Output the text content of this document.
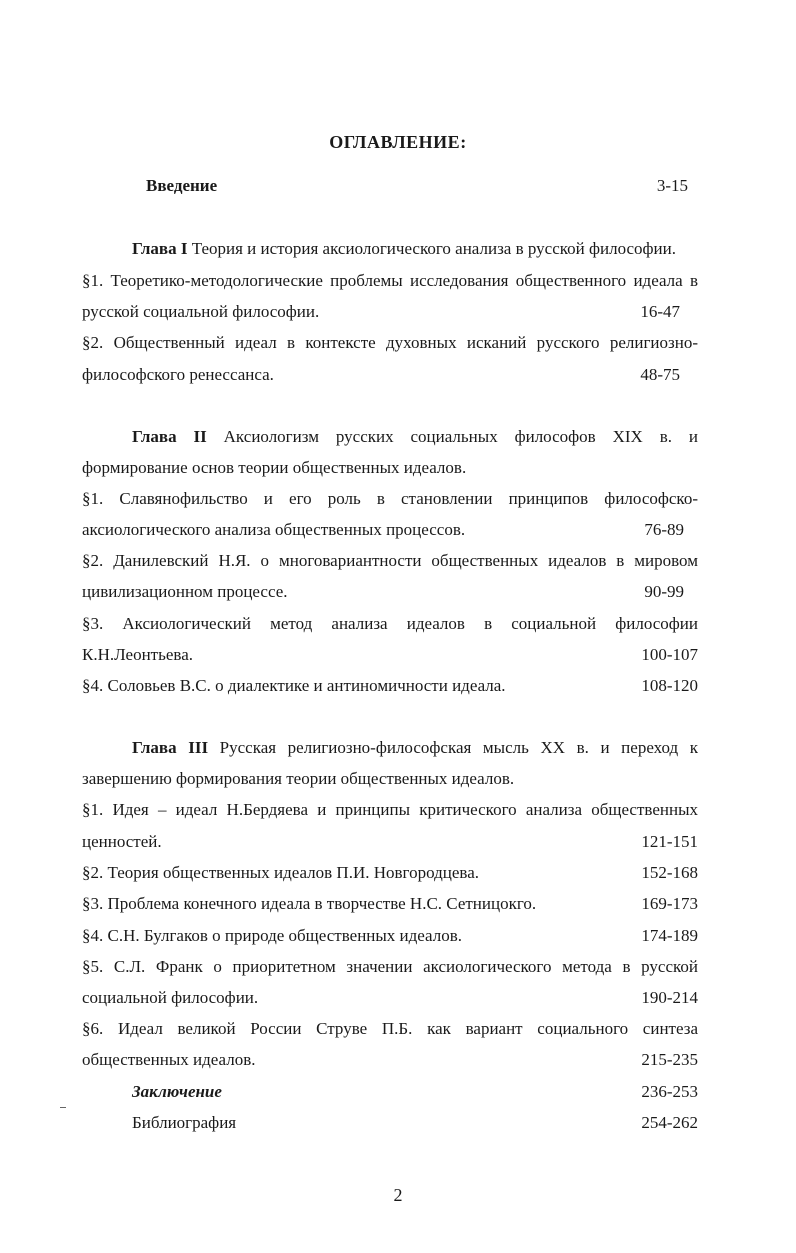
ОГЛАВЛЕНИЕ:
Введение	3-15
Глава I Теория и история аксиологического анализа в русской философии.
§1. Теоретико-методологические проблемы исследования общественного идеала в
русской социальной философии.	16-47
§2. Общественный идеал в контексте духовных исканий русского религиозно-
философского ренессанса.	48-75
Глава II Аксиологизм русских социальных философов XIX в. и
формирование основ теории общественных идеалов.
§1. Славянофильство и его роль в становлении принципов философско-
аксиологического анализа общественных процессов.	76-89
§2. Данилевский Н.Я. о многовариантности общественных идеалов в мировом
цивилизационном процессе.	90-99
§3. Аксиологический метод анализа идеалов в социальной философии
К.Н.Леонтьева.	100-107
§4. Соловьев В.С. о диалектике и антиномичности идеала.	108-120
Глава III Русская религиозно-философская мысль XX в. и переход к
завершению формирования теории общественных идеалов.
§1. Идея – идеал Н.Бердяева и принципы критического анализа общественных
ценностей.	121-151
§2. Теория общественных идеалов П.И. Новгородцева.	152-168
§3. Проблема конечного идеала в творчестве Н.С. Сетницокго.	169-173
§4. С.Н. Булгаков о природе общественных идеалов.	174-189
§5. С.Л. Франк о приоритетном значении аксиологического метода в русской
социальной философии.	190-214
§6. Идеал великой России Струве П.Б. как вариант социального синтеза
общественных идеалов.	215-235
Заключение	236-253
Библиография	254-262
2
